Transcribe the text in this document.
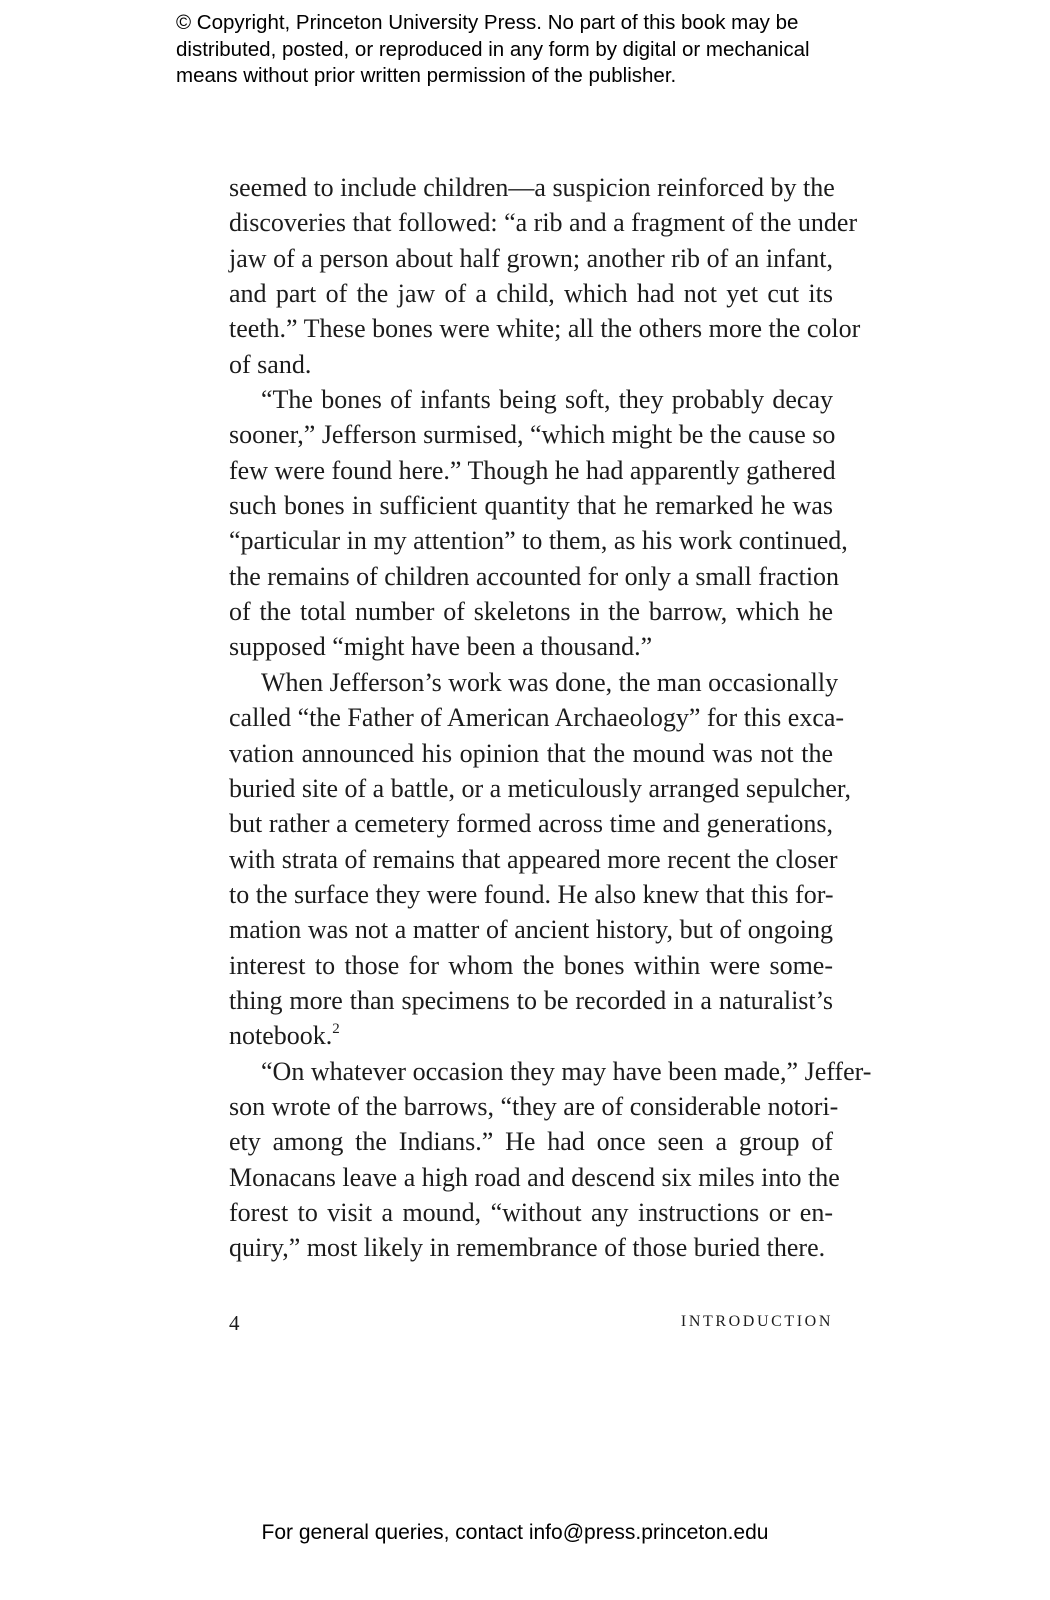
© Copyright, Princeton University Press. No part of this book may be
distributed, posted, or reproduced in any form by digital or mechanical
means without prior written permission of the publisher.
seemed to include children—a suspicion reinforced by the
discoveries that followed: “a rib and a fragment of the under
jaw of a person about half grown; another rib of an infant,
and part of the jaw of a child, which had not yet cut its
teeth.” These bones were white; all the others more the color
of sand.
“The bones of infants being soft, they probably decay
sooner,” Jefferson surmised, “which might be the cause so
few were found here.” Though he had apparently gathered
such bones in sufficient quantity that he remarked he was
“particular in my attention” to them, as his work continued,
the remains of children accounted for only a small fraction
of the total number of skeletons in the barrow, which he
supposed “might have been a thousand.”
When Jefferson’s work was done, the man occasionally
called “the Father of American Archaeology” for this exca-
vation announced his opinion that the mound was not the
buried site of a battle, or a meticulously arranged sepulcher,
but rather a cemetery formed across time and generations,
with strata of remains that appeared more recent the closer
to the surface they were found. He also knew that this for-
mation was not a matter of ancient history, but of ongoing
interest to those for whom the bones within were some-
thing more than specimens to be recorded in a naturalist’s
notebook.$^2$
“On whatever occasion they may have been made,” Jeffer-
son wrote of the barrows, “they are of considerable notori-
ety among the Indians.” He had once seen a group of
Monacans leave a high road and descend six miles into the
forest to visit a mound, “without any instructions or en-
quiry,” most likely in remembrance of those buried there.
4	INTRODUCTION
For general queries, contact info@press.princeton.edu
